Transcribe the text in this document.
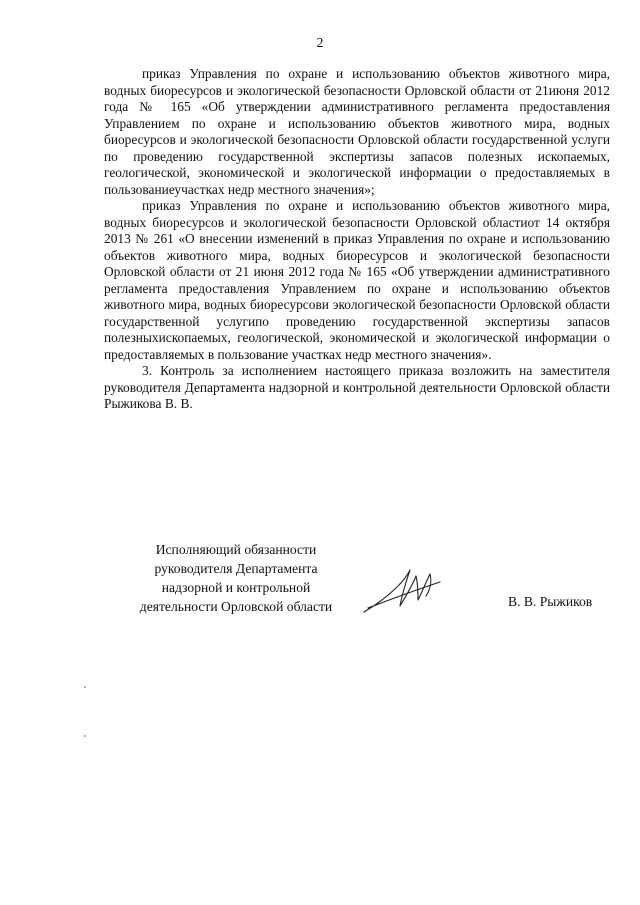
2

приказ Управления по охране и использованию объектов животного мира, водных биоресурсов и экологической безопасности Орловской области от 21июня 2012 года № 165 «Об утверждении административного регламента предоставления Управлением по охране и использованию объектов животного мира, водных биоресурсов и экологической безопасности Орловской области государственной услуги по проведению государственной экспертизы запасов полезных ископаемых, геологической, экономической и экологической информации о предоставляемых в пользованиеучастках недр местного значения»;

приказ Управления по охране и использованию объектов животного мира, водных биоресурсов и экологической безопасности Орловской областиот 14 октября 2013 № 261 «О внесении изменений в приказ Управления по охране и использованию объектов животного мира, водных биоресурсов и экологической безопасности Орловской области от 21 июня 2012 года № 165 «Об утверждении административного регламента предоставления Управлением по охране и использованию объектов животного мира, водных биоресурсови экологической безопасности Орловской области государственной услугипо проведению государственной экспертизы запасов полезныхископаемых, геологической, экономической и экологической информации о предоставляемых в пользование участках недр местного значения».

3. Контроль за исполнением настоящего приказа возложить на заместителя руководителя Департамента надзорной и контрольной деятельности Орловской области Рыжикова В. В.

Исполняющий обязанности
руководителя Департамента
надзорной и контрольной
деятельности Орловской области	В. В. Рыжиков
